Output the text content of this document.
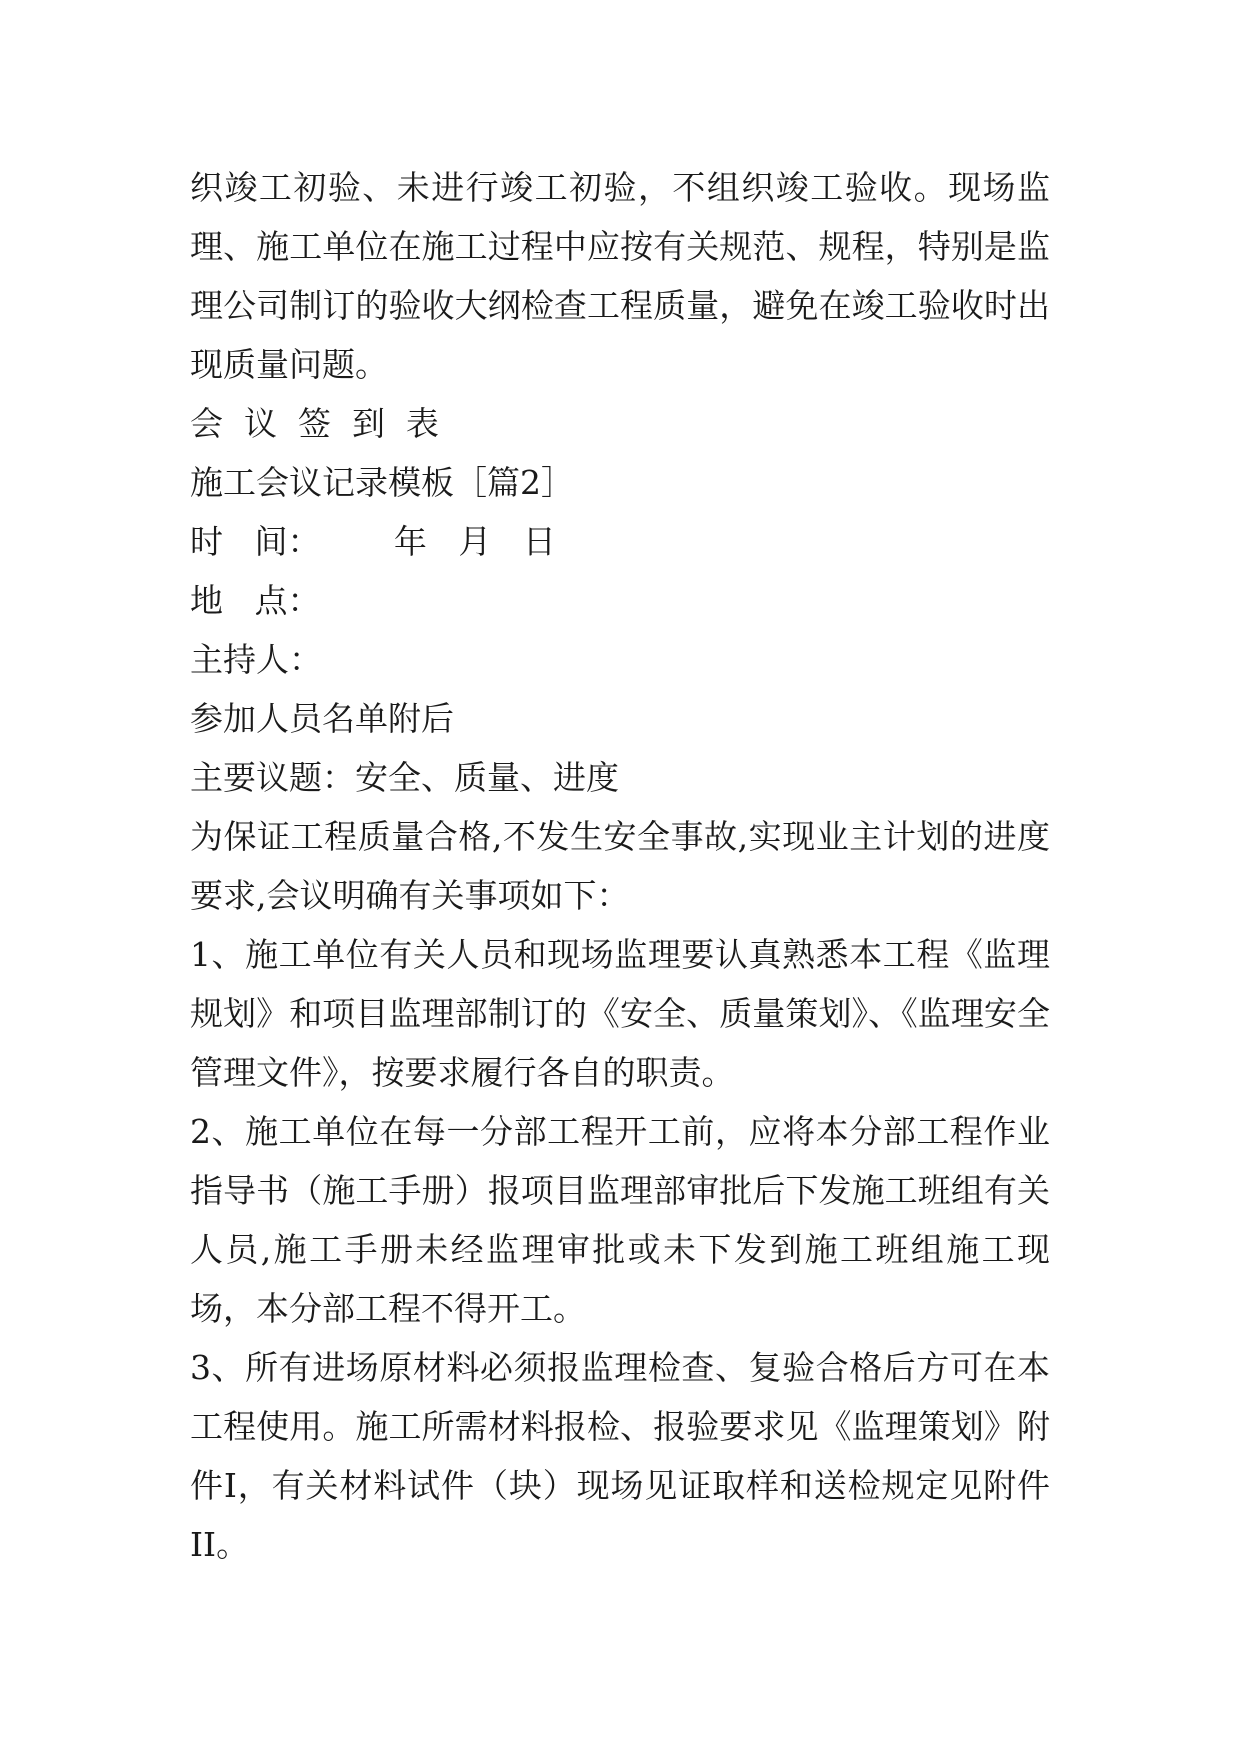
织竣工初验、未进行竣工初验，不组织竣工验收。现场监理、施工单位在施工过程中应按有关规范、规程，特别是监理公司制订的验收大纲检查工程质量，避免在竣工验收时出现质量问题。

会  议  签  到  表

施工会议记录模板［篇2］

时   间：       年   月   日

地   点：

主持人：

参加人员名单附后

主要议题：安全、质量、进度

为保证工程质量合格,不发生安全事故,实现业主计划的进度要求,会议明确有关事项如下：

1、施工单位有关人员和现场监理要认真熟悉本工程《监理规划》和项目监理部制订的《安全、质量策划》、《监理安全管理文件》，按要求履行各自的职责。

2、施工单位在每一分部工程开工前，应将本分部工程作业指导书（施工手册）报项目监理部审批后下发施工班组有关人员,施工手册未经监理审批或未下发到施工班组施工现场，本分部工程不得开工。

3、所有进场原材料必须报监理检查、复验合格后方可在本工程使用。施工所需材料报检、报验要求见《监理策划》附件I，有关材料试件（块）现场见证取样和送检规定见附件II。
